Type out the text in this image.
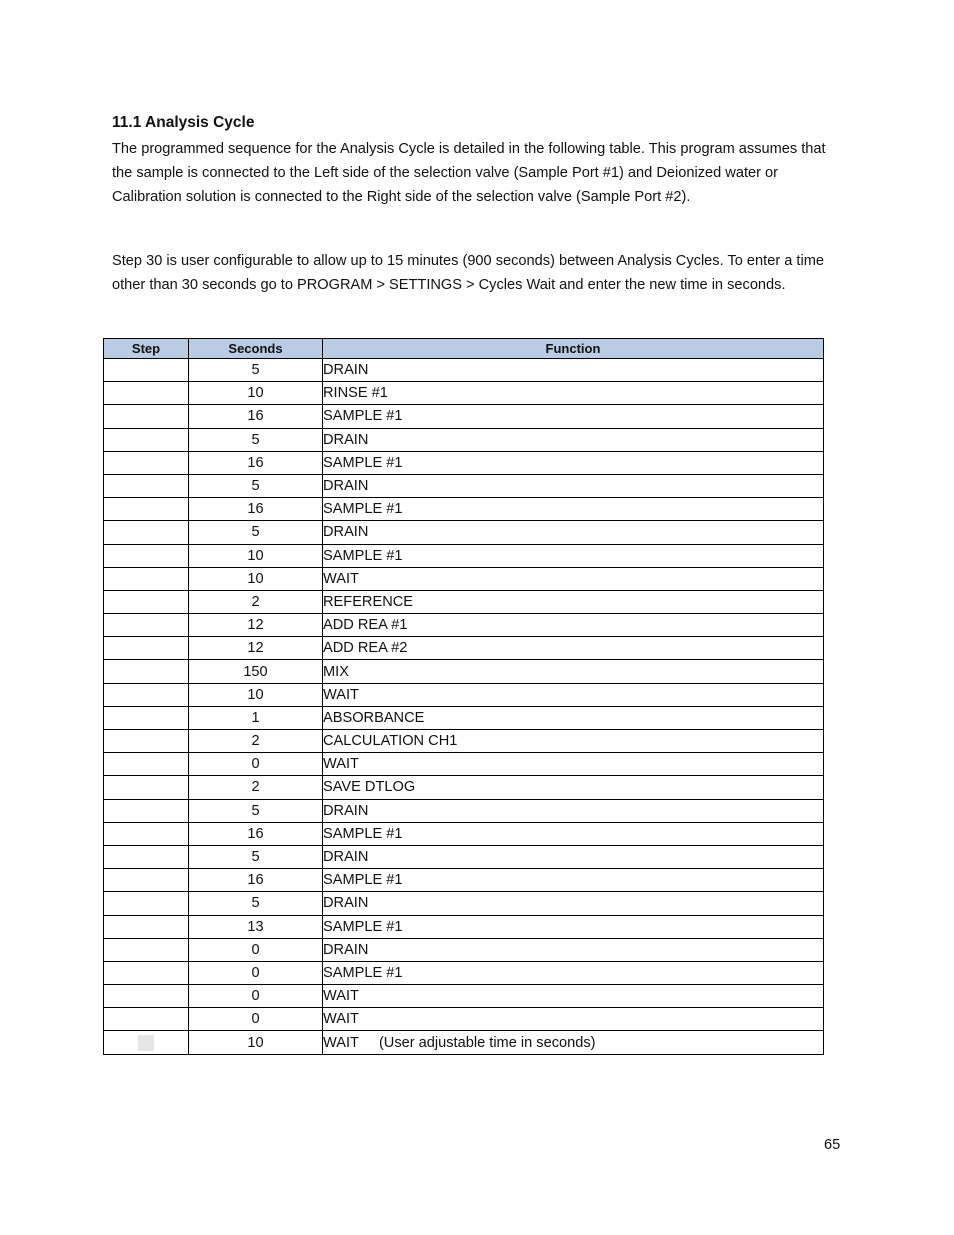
11.1 Analysis Cycle

The programmed sequence for the Analysis Cycle is detailed in the following table. This program assumes that the sample is connected to the Left side of the selection valve (Sample Port #1) and Deionized water or Calibration solution is connected to the Right side of the selection valve (Sample Port #2).

Step 30 is user configurable to allow up to 15 minutes (900 seconds) between Analysis Cycles. To enter a time other than 30 seconds go to PROGRAM > SETTINGS > Cycles Wait and enter the new time in seconds.

Step	Seconds	Function
	5	DRAIN
	10	RINSE #1
	16	SAMPLE #1
	5	DRAIN
	16	SAMPLE #1
	5	DRAIN
	16	SAMPLE #1
	5	DRAIN
	10	SAMPLE #1
	10	WAIT
	2	REFERENCE
	12	ADD REA #1
	12	ADD REA #2
	150	MIX
	10	WAIT
	1	ABSORBANCE
	2	CALCULATION CH1
	0	WAIT
	2	SAVE DTLOG
	5	DRAIN
	16	SAMPLE #1
	5	DRAIN
	16	SAMPLE #1
	5	DRAIN
	13	SAMPLE #1
	0	DRAIN
	0	SAMPLE #1
	0	WAIT
	0	WAIT
	10	WAIT     (User adjustable time in seconds)
65
